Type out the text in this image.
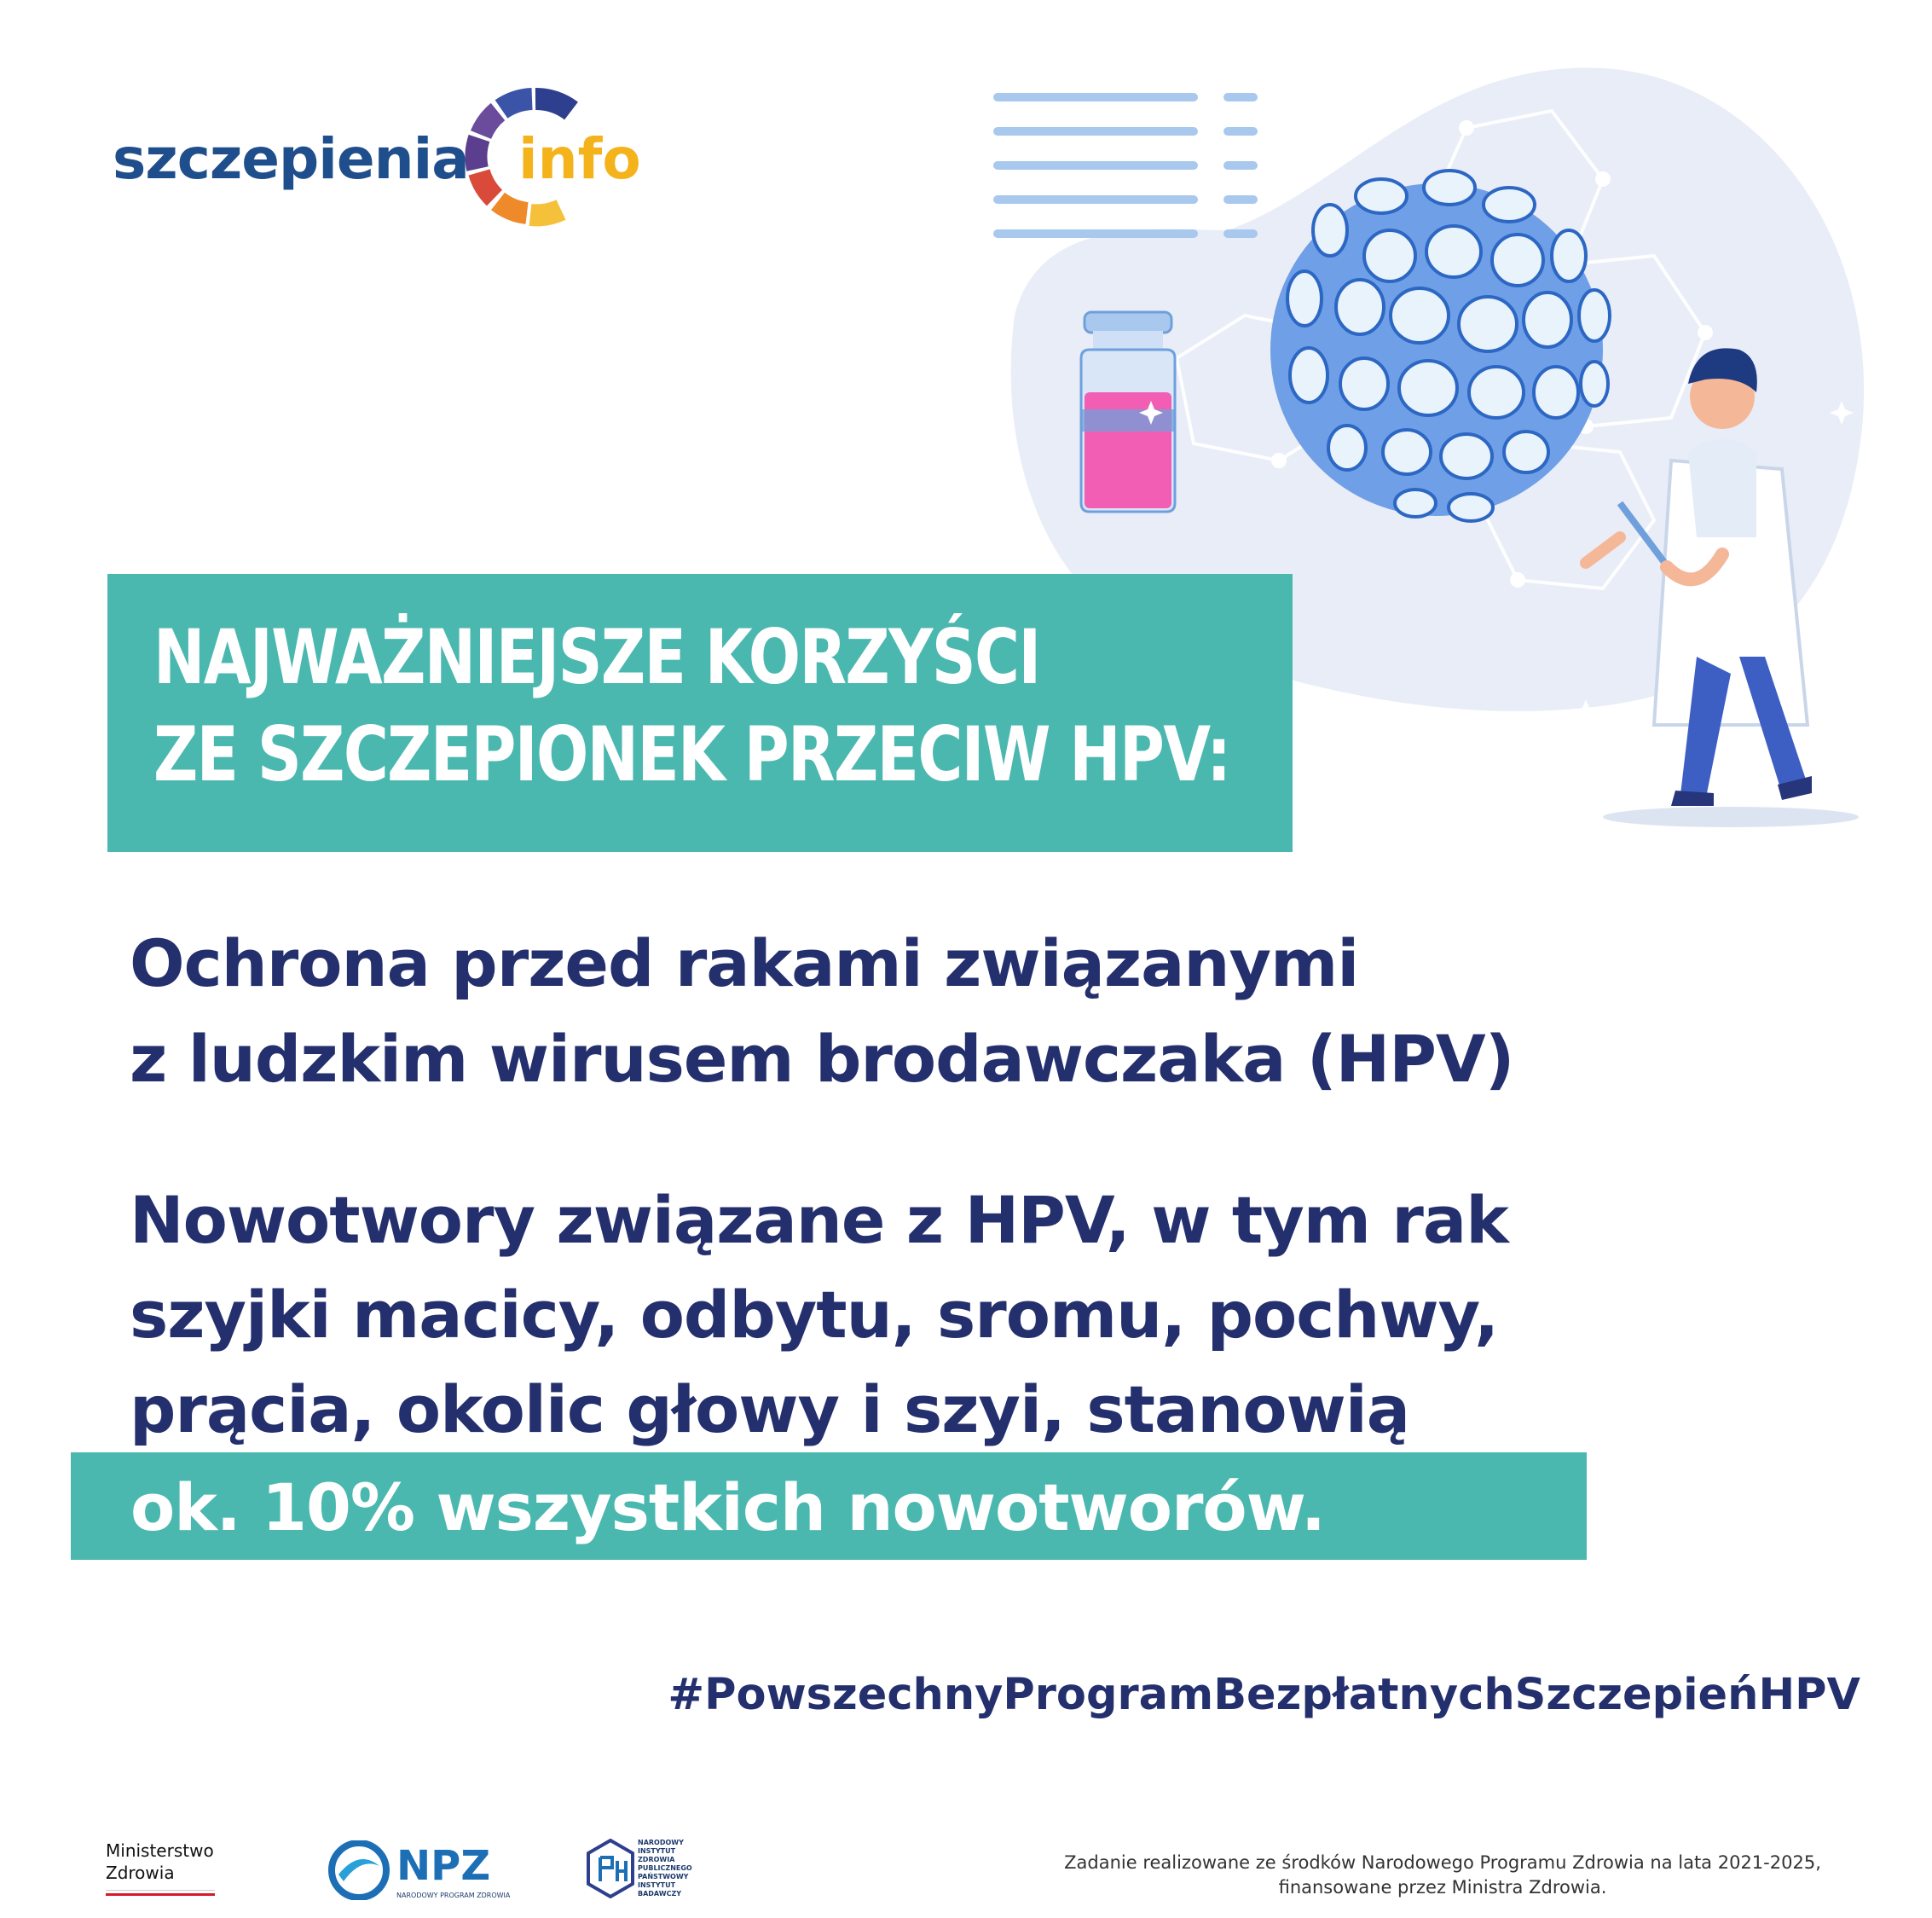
szczepienia info
NAJWAŻNIEJSZE KORZYŚCI
ZE SZCZEPIONEK PRZECIW HPV:
Ochrona przed rakami związanymi
z ludzkim wirusem brodawczaka (HPV)
Nowotwory związane z HPV, w tym rak
szyjki macicy, odbytu, sromu, pochwy,
prącia, okolic głowy i szyi, stanowią
ok. 10% wszystkich nowotworów.
#PowszechnyProgramBezpłatnychSzczepieńHPV
Ministerstwo
Zdrowia	NPZ
NARODOWY PROGRAM ZDROWIA
NARODOWY INSTYTUT ZDROWIA PUBLICZNEGO PAŃSTWOWY INSTYTUT BADAWCZY
Zadanie realizowane ze środków Narodowego Programu Zdrowia na lata 2021-2025,
finansowane przez Ministra Zdrowia.
